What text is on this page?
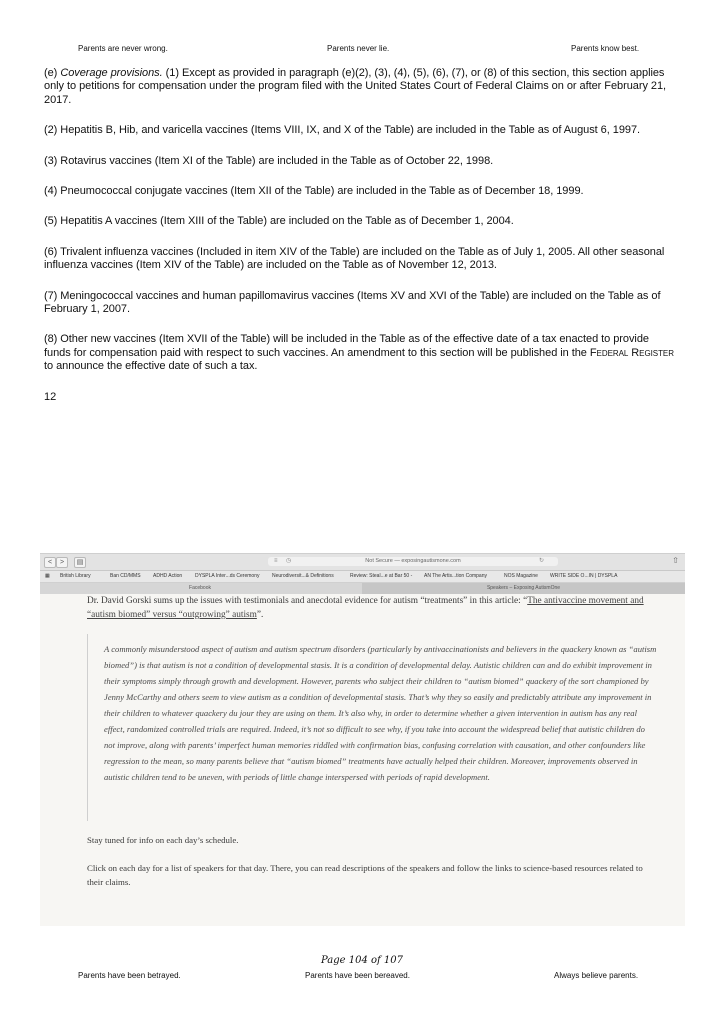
Parents are never wrong.	Parents never lie.	Parents know best.

(e) Coverage provisions. (1) Except as provided in paragraph (e)(2), (3), (4), (5), (6), (7), or (8) of this section, this section applies only to petitions for compensation under the program filed with the United States Court of Federal Claims on or after February 21, 2017.

(2) Hepatitis B, Hib, and varicella vaccines (Items VIII, IX, and X of the Table) are included in the Table as of August 6, 1997.

(3) Rotavirus vaccines (Item XI of the Table) are included in the Table as of October 22, 1998.

(4) Pneumococcal conjugate vaccines (Item XII of the Table) are included in the Table as of December 18, 1999.

(5) Hepatitis A vaccines (Item XIII of the Table) are included on the Table as of December 1, 2004.

(6) Trivalent influenza vaccines (Included in item XIV of the Table) are included on the Table as of July 1, 2005. All other seasonal influenza vaccines (Item XIV of the Table) are included on the Table as of November 12, 2013.

(7) Meningococcal vaccines and human papillomavirus vaccines (Items XV and XVI of the Table) are included on the Table as of February 1, 2007.

(8) Other new vaccines (Item XVII of the Table) will be included in the Table as of the effective date of a tax enacted to provide funds for compensation paid with respect to such vaccines. An amendment to this section will be published in the Federal Register to announce the effective date of such a tax.

12

<	>	▤	≡ ◷	Not Secure — exposingautismone.com	↻	⇧
▦ British Library	Ban CD/MMS ADHD Action	DYSPLA Inter...ds Ceremony	Neurodiversit...& Definitions	Review: Steal...e at Bar 50 - AN The Artis...tion Company	NOS Magazine WRITE SIDE O...IN | DYSPLA
Facebook	Speakers – Exposing AutismOne

Dr. David Gorski sums up the issues with testimonials and anecdotal evidence for autism “treatments” in this article: “The antivaccine movement and “autism biomed” versus “outgrowing” autism”.

A commonly misunderstood aspect of autism and autism spectrum disorders (particularly by antivaccinationists and believers in the quackery known as “autism biomed”) is that autism is not a condition of developmental stasis. It is a condition of developmental delay. Autistic children can and do exhibit improvement in their symptoms simply through growth and development. However, parents who subject their children to “autism biomed” quackery of the sort championed by Jenny McCarthy and others seem to view autism as a condition of developmental stasis. That’s why they so easily and predictably attribute any improvement in their children to whatever quackery du jour they are using on them. It’s also why, in order to determine whether a given intervention in autism has any real effect, randomized controlled trials are required. Indeed, it’s not so difficult to see why, if you take into account the widespread belief that autistic children do not improve, along with parents’ imperfect human memories riddled with confirmation bias, confusing correlation with causation, and other confounders like regression to the mean, so many parents believe that “autism biomed” treatments have actually helped their children. Moreover, improvements observed in autistic children tend to be uneven, with periods of little change interspersed with periods of rapid development.

Stay tuned for info on each day’s schedule.

Click on each day for a list of speakers for that day. There, you can read descriptions of the speakers and follow the links to science-based resources related to their claims.

Page 104 of 107
Parents have been betrayed.	Parents have been bereaved.	Always believe parents.
